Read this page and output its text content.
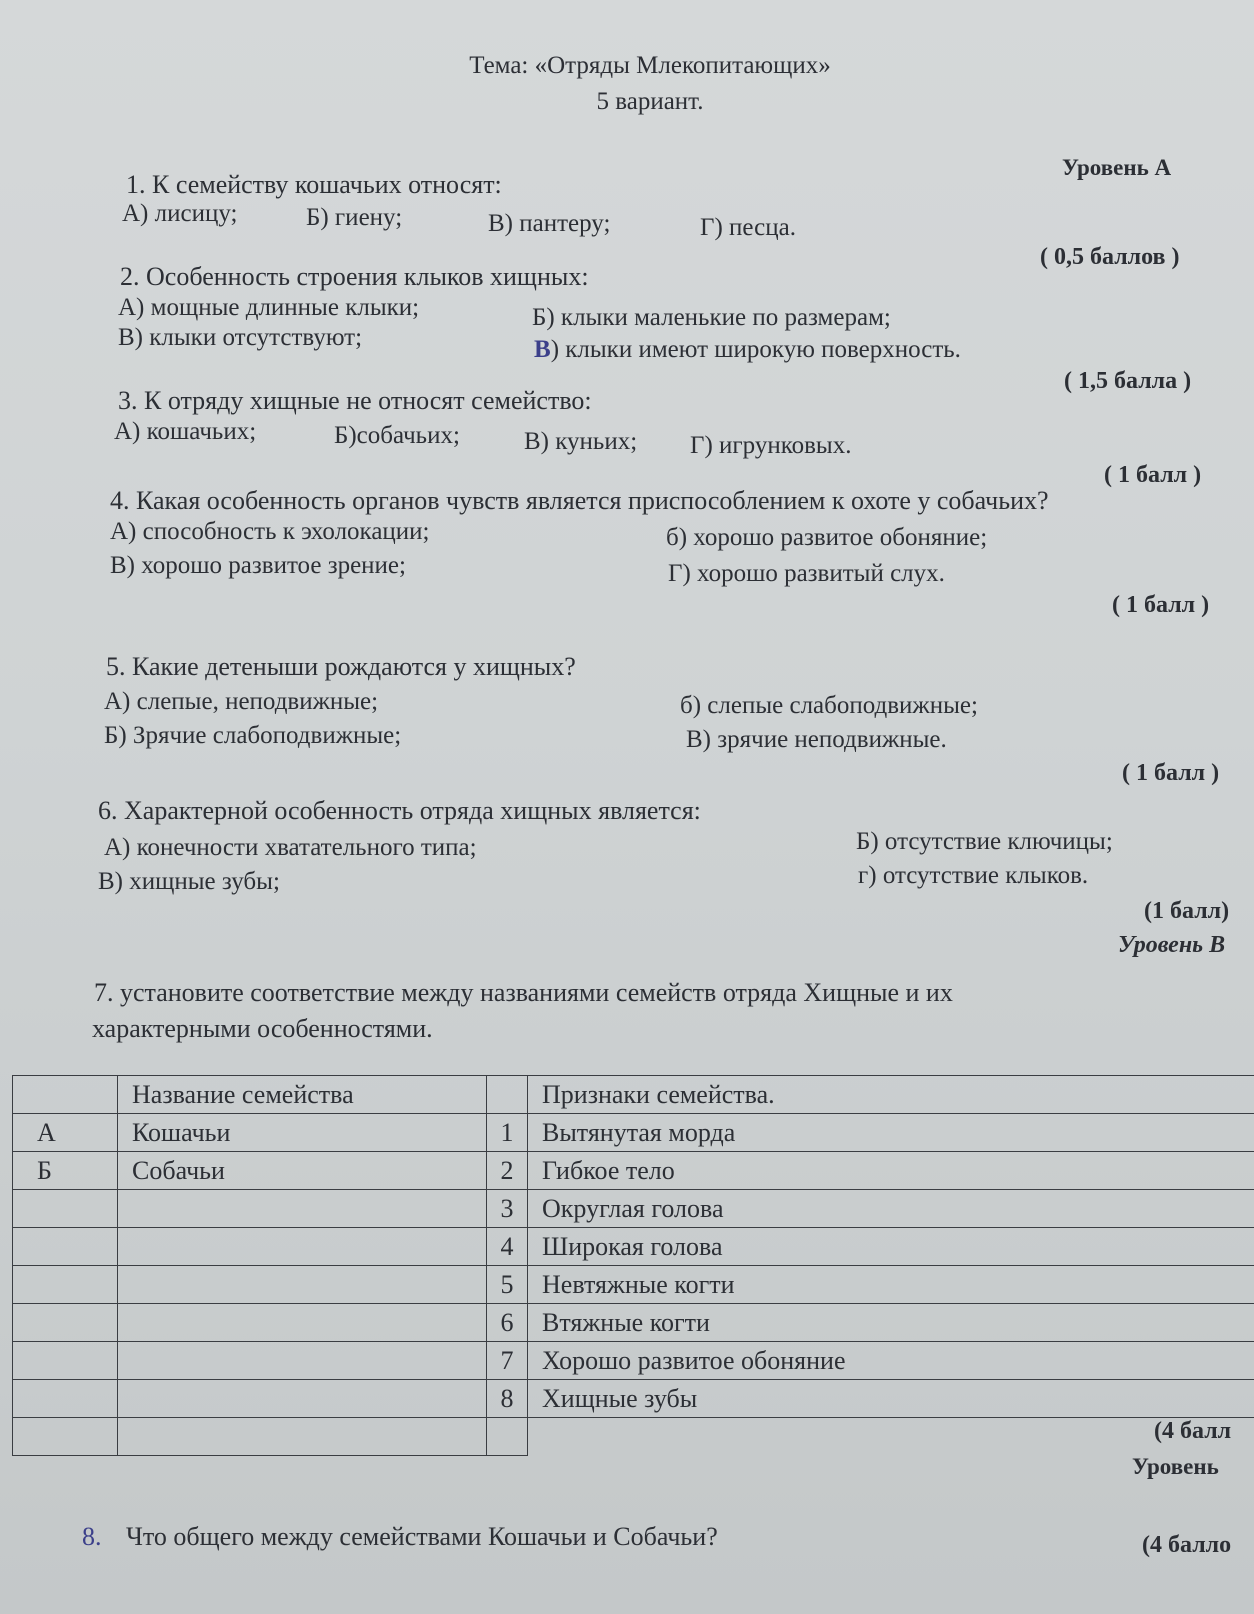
Тема: «Отряды Млекопитающих»
5 вариант.
Уровень А
1. К семейству кошачьих относят:
А) лисицу;	Б) гиену;	В) пантеру;	Г) песца.
( 0,5 баллов )
2. Особенность строения клыков хищных:
А) мощные длинные клыки;	Б) клыки маленькие по размерам;
В) клыки отсутствуют;	В) клыки имеют широкую поверхность.
( 1,5 балла )
3. К отряду хищные не относят семейство:
А) кошачьих;	Б)собачьих;	В) куньих; Г) игрунковых.
( 1 балл )
4. Какая особенность органов чувств является приспособлением к охоте у собачьих?
А) способность к эхолокации;	б) хорошо развитое обоняние;
В) хорошо развитое зрение;	Г) хорошо развитый слух.
( 1 балл )
5. Какие детеныши рождаются у хищных?
А) слепые, неподвижные;	б) слепые слабоподвижные;
Б) Зрячие слабоподвижные;	В) зрячие неподвижные.
( 1 балл )
6. Характерной особенность отряда хищных является:
А) конечности хватательного типа;	Б) отсутствие ключицы;
В) хищные зубы;	г) отсутствие клыков.
(1 балл)
Уровень В
7. установите соответствие между названиями семейств отряда Хищные и их
характерными особенностями.
	Название семейства		Признаки семейства.
А	Кошачьи	1	Вытянутая морда
Б	Собачьи	2	Гибкое тело
		3	Округлая голова
		4	Широкая голова
		5	Невтяжные когти
		6	Втяжные когти
		7	Хорошо развитое обоняние
		8	Хищные зубы

(4 балл
Уровень
8. Что общего между семействами Кошачьи и Собачьи?	(4 балло
